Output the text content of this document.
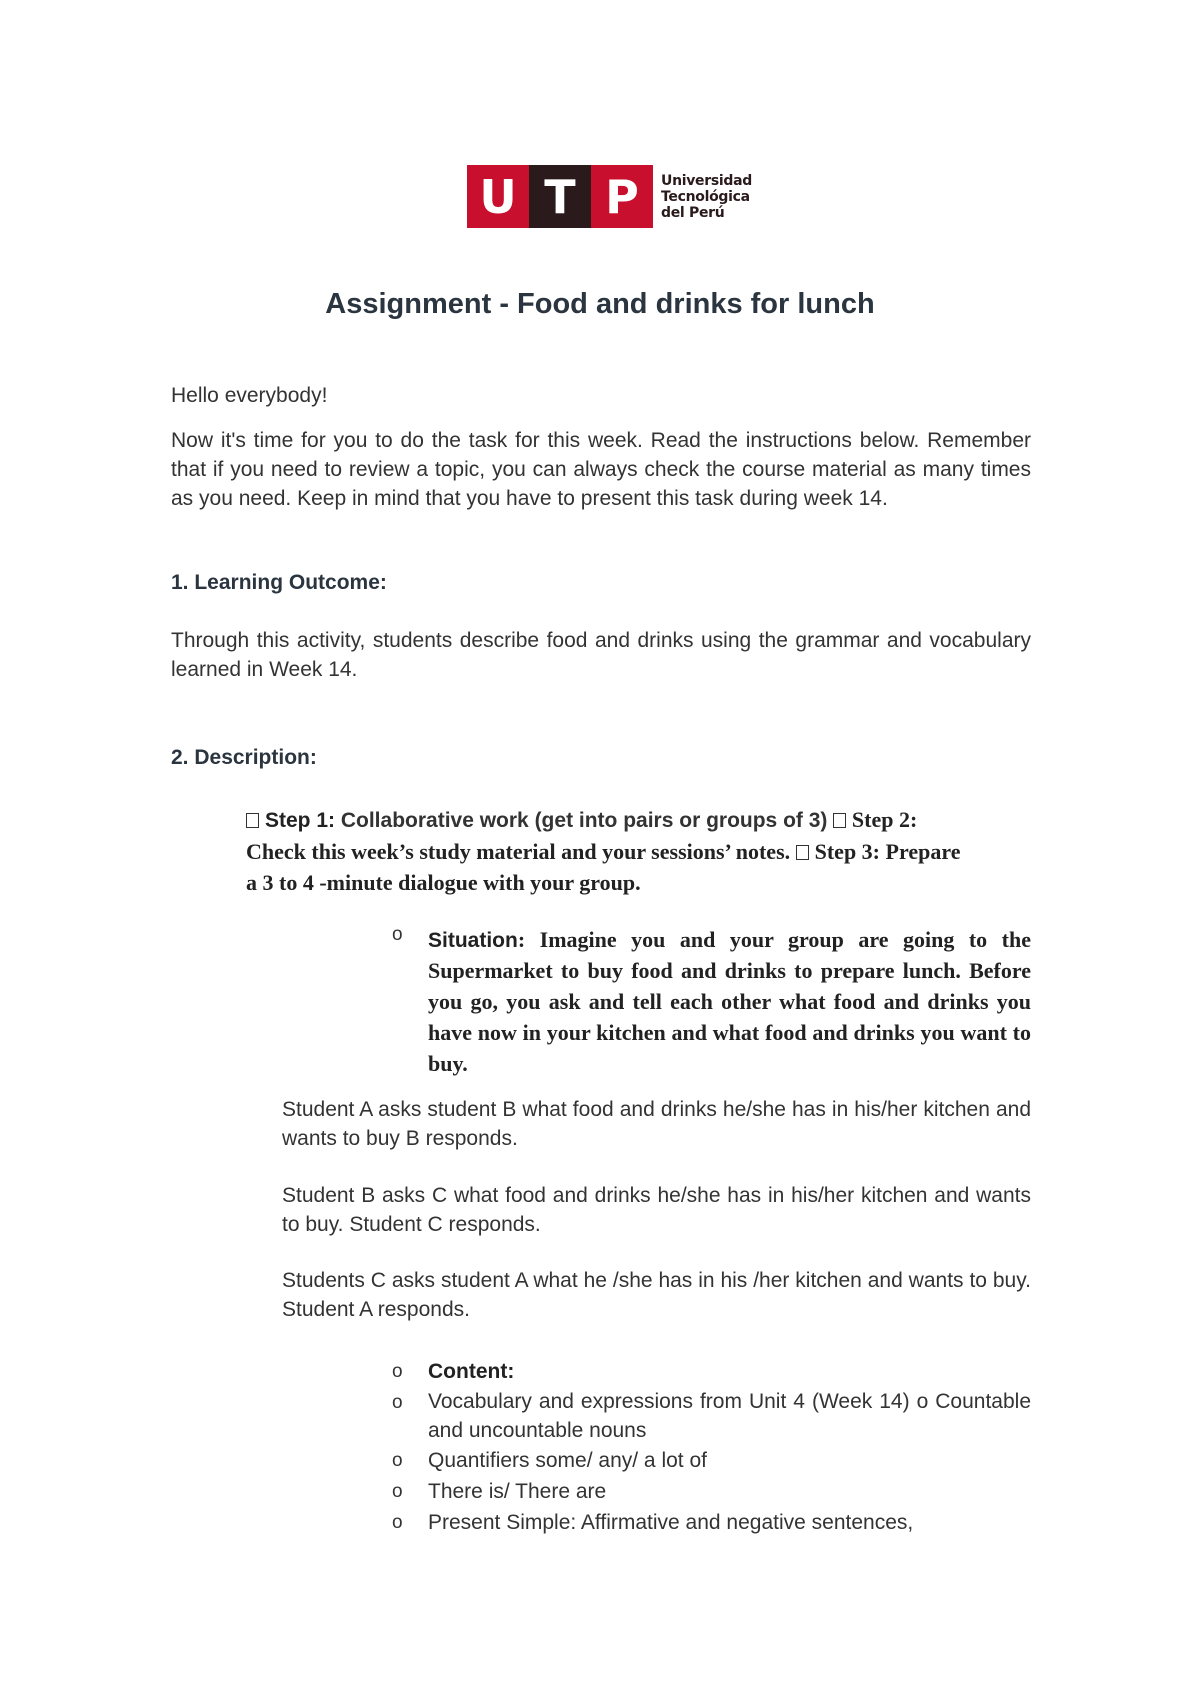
U T P	Universidad
Tecnológica
del Perú
Assignment - Food and drinks for lunch

Hello everybody!

Now it's time for you to do the task for this week. Read the instructions below. Remember that if you need to review a topic, you can always check the course material as many times as you need. Keep in mind that you have to present this task during week 14.

1. Learning Outcome:

Through this activity, students describe food and drinks using the grammar and vocabulary learned in Week 14.

2. Description:

Step 1: Collaborative work (get into pairs or groups of 3) Step 2: Check this week’s study material and your sessions’ notes. Step 3: Prepare a 3 to 4 -minute dialogue with your group.

o	Situation: Imagine you and your group are going to the Supermarket to buy food and drinks to prepare lunch. Before you go, you ask and tell each other what food and drinks you have now in your kitchen and what food and drinks you want to buy.

Student A asks student B what food and drinks he/she has in his/her kitchen and wants to buy B responds.

Student B asks C what food and drinks he/she has in his/her kitchen and wants to buy. Student C responds.

Students C asks student A what he /she has in his /her kitchen and wants to buy. Student A responds.

o	Content:
o	Vocabulary and expressions from Unit 4 (Week 14) o Countable and uncountable nouns
o	Quantifiers some/ any/ a lot of
o	There is/ There are
o	Present Simple: Affirmative and negative sentences,
